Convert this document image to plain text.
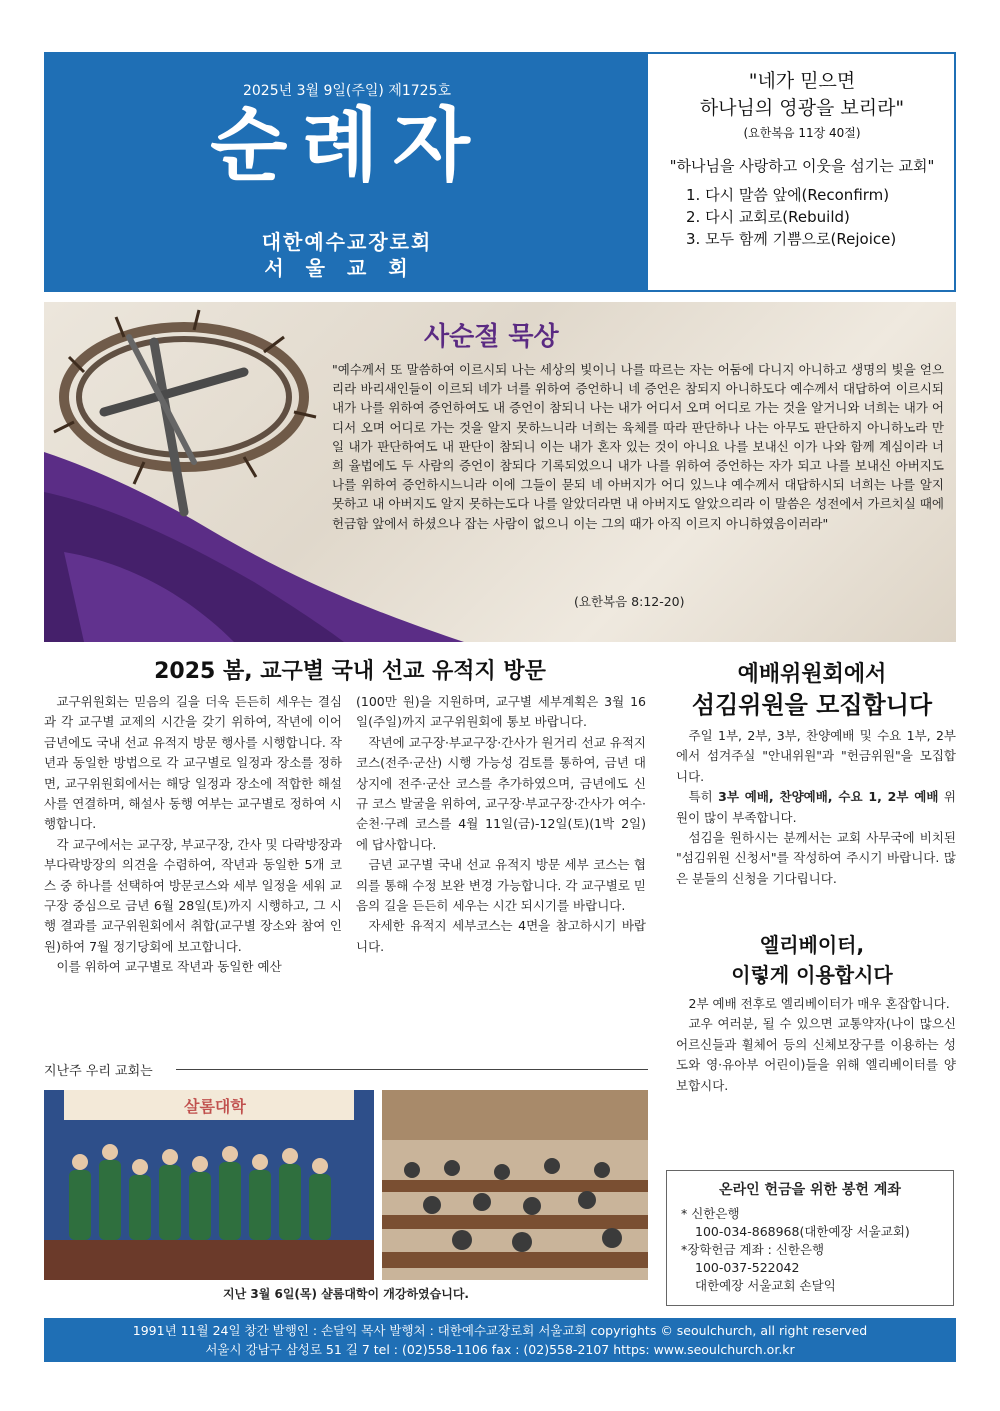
2025년 3월 9일(주일) 제1725호
순례자
대한예수교장로회
서울교회
"네가 믿으면
하나님의 영광을 보리라"
(요한복음 11장 40절)
"하나님을 사랑하고 이웃을 섬기는 교회"
1. 다시 말씀 앞에(Reconfirm)
2. 다시 교회로(Rebuild)
3. 모두 함께 기쁨으로(Rejoice)
사순절 묵상
"예수께서 또 말씀하여 이르시되 나는 세상의 빛이니 나를 따르는 자는 어둠에 다니지 아니하고 생명의 빛을 얻으리라 바리새인들이 이르되 네가 너를 위하여 증언하니 네 증언은 참되지 아니하도다 예수께서 대답하여 이르시되 내가 나를 위하여 증언하여도 내 증언이 참되니 나는 내가 어디서 오며 어디로 가는 것을 알거니와 너희는 내가 어디서 오며 어디로 가는 것을 알지 못하느니라 너희는 육체를 따라 판단하나 나는 아무도 판단하지 아니하노라 만일 내가 판단하여도 내 판단이 참되니 이는 내가 혼자 있는 것이 아니요 나를 보내신 이가 나와 함께 계심이라 너희 율법에도 두 사람의 증언이 참되다 기록되었으니 내가 나를 위하여 증언하는 자가 되고 나를 보내신 아버지도 나를 위하여 증언하시느니라 이에 그들이 묻되 네 아버지가 어디 있느냐 예수께서 대답하시되 너희는 나를 알지 못하고 내 아버지도 알지 못하는도다 나를 알았더라면 내 아버지도 알았으리라 이 말씀은 성전에서 가르치실 때에 헌금함 앞에서 하셨으나 잡는 사람이 없으니 이는 그의 때가 아직 이르지 아니하였음이러라"
(요한복음 8:12-20)
2025 봄, 교구별 국내 선교 유적지 방문

교구위원회는 믿음의 길을 더욱 든든히 세우는 결심과 각 교구별 교제의 시간을 갖기 위하여, 작년에 이어 금년에도 국내 선교 유적지 방문 행사를 시행합니다. 작년과 동일한 방법으로 각 교구별로 일정과 장소를 정하면, 교구위원회에서는 해당 일정과 장소에 적합한 해설사를 연결하며, 해설사 동행 여부는 교구별로 정하여 시행합니다.

각 교구에서는 교구장, 부교구장, 간사 및 다락방장과 부다락방장의 의견을 수렴하여, 작년과 동일한 5개 코스 중 하나를 선택하여 방문코스와 세부 일정을 세워 교구장 중심으로 금년 6월 28일(토)까지 시행하고, 그 시행 결과를 교구위원회에서 취합(교구별 장소와 참여 인원)하여 7월 정기당회에 보고합니다.

이를 위하여 교구별로 작년과 동일한 예산

(100만 원)을 지원하며, 교구별 세부계획은 3월 16일(주일)까지 교구위원회에 통보 바랍니다.

작년에 교구장·부교구장·간사가 원거리 선교 유적지 코스(전주·군산) 시행 가능성 검토를 통하여, 금년 대상지에 전주·군산 코스를 추가하였으며, 금년에도 신규 코스 발굴을 위하여, 교구장·부교구장·간사가 여수·순천·구례 코스를 4월 11일(금)-12일(토)(1박 2일)에 답사합니다.

금년 교구별 국내 선교 유적지 방문 세부 코스는 협의를 통해 수정 보완 변경 가능합니다. 각 교구별로 믿음의 길을 든든히 세우는 시간 되시기를 바랍니다.

자세한 유적지 세부코스는 4면을 참고하시기 바랍니다.

예배위원회에서
섬김위원을 모집합니다

주일 1부, 2부, 3부, 찬양예배 및 수요 1부, 2부에서 섬겨주실 "안내위원"과 "헌금위원"을 모집합니다.

특히 3부 예배, 찬양예배, 수요 1, 2부 예배 위원이 많이 부족합니다.

섬김을 원하시는 분께서는 교회 사무국에 비치된 "섬김위원 신청서"를 작성하여 주시기 바랍니다. 많은 분들의 신청을 기다립니다.

엘리베이터,
이렇게 이용합시다

2부 예배 전후로 엘리베이터가 매우 혼잡합니다.

교우 여러분, 될 수 있으면 교통약자(나이 많으신 어르신들과 휠체어 등의 신체보장구를 이용하는 성도와 영·유아부 어린이)들을 위해 엘리베이터를 양보합시다.

지난주 우리 교회는
살롬대학
지난 3월 6일(목) 샬롬대학이 개강하였습니다.
온라인 헌금을 위한 봉헌 계좌
* 신한은행
100-034-868968(대한예장 서울교회)
*장학헌금 계좌 : 신한은행
100-037-522042
대한예장 서울교회 손달익
1991년 11월 24일 창간 발행인 : 손달익 목사 발행처 : 대한예수교장로회 서울교회 copyrights © seoulchurch, all right reserved
서울시 강남구 삼성로 51 길 7 tel : (02)558-1106 fax : (02)558-2107 https: www.seoulchurch.or.kr
